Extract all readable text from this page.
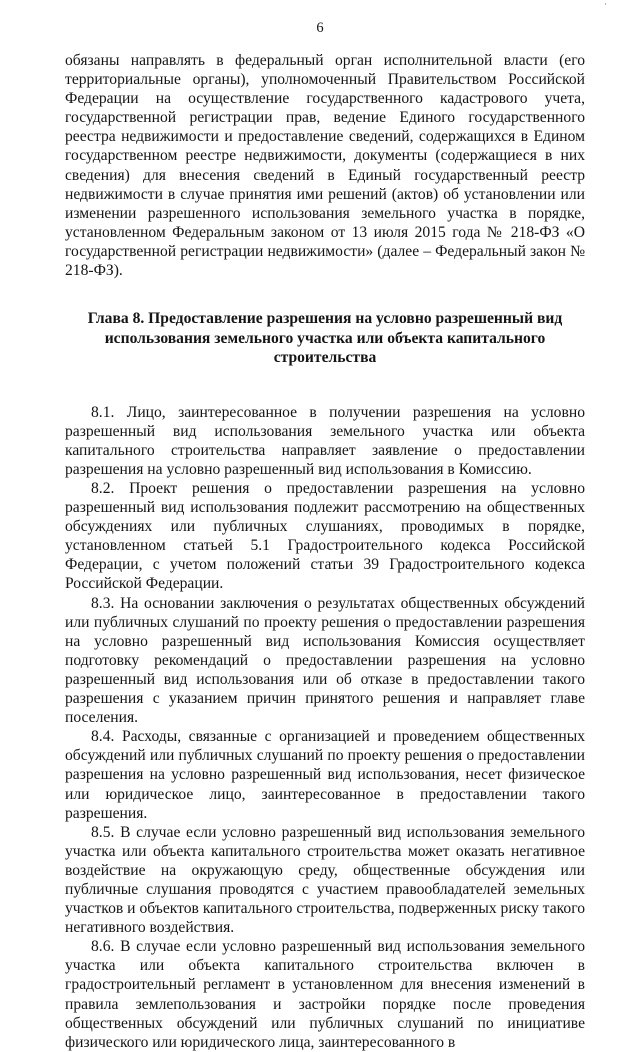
6
·

обязаны направлять в федеральный орган исполнительной власти (его территориальные органы), уполномоченный Правительством Российской Федерации на осуществление государственного кадастрового учета, государственной регистрации прав, ведение Единого государственного реестра недвижимости и предоставление сведений, содержащихся в Едином государственном реестре недвижимости, документы (содержащиеся в них сведения) для внесения сведений в Единый государственный реестр недвижимости в случае принятия ими решений (актов) об установлении или изменении разрешенного использования земельного участка в порядке, установленном Федеральным законом от 13 июля 2015 года № 218-ФЗ «О государственной регистрации недвижимости» (далее – Федеральный закон № 218-ФЗ).

Глава 8. Предоставление разрешения на условно разрешенный вид
использования земельного участка или объекта капитального строительства

8.1. Лицо, заинтересованное в получении разрешения на условно разрешенный вид использования земельного участка или объекта капитального строительства направляет заявление о предоставлении разрешения на условно разрешенный вид использования в Комиссию.

8.2. Проект решения о предоставлении разрешения на условно разрешенный вид использования подлежит рассмотрению на общественных обсуждениях или публичных слушаниях, проводимых в порядке, установленном статьей 5.1 Градостроительного кодекса Российской Федерации, с учетом положений статьи 39 Градостроительного кодекса Российской Федерации.

8.3. На основании заключения о результатах общественных обсуждений или публичных слушаний по проекту решения о предоставлении разрешения на условно разрешенный вид использования Комиссия осуществляет подготовку рекомендаций о предоставлении разрешения на условно разрешенный вид использования или об отказе в предоставлении такого разрешения с указанием причин принятого решения и направляет главе поселения.

8.4. Расходы, связанные с организацией и проведением общественных обсуждений или публичных слушаний по проекту решения о предоставлении разрешения на условно разрешенный вид использования, несет физическое или юридическое лицо, заинтересованное в предоставлении такого разрешения.

8.5. В случае если условно разрешенный вид использования земельного участка или объекта капитального строительства может оказать негативное воздействие на окружающую среду, общественные обсуждения или публичные слушания проводятся с участием правообладателей земельных участков и объектов капитального строительства, подверженных риску такого негативного воздействия.

8.6. В случае если условно разрешенный вид использования земельного участка или объекта капитального строительства включен в градостроительный регламент в установленном для внесения изменений в правила землепользования и застройки порядке после проведения общественных обсуждений или публичных слушаний по инициативе физического или юридического лица, заинтересованного в
